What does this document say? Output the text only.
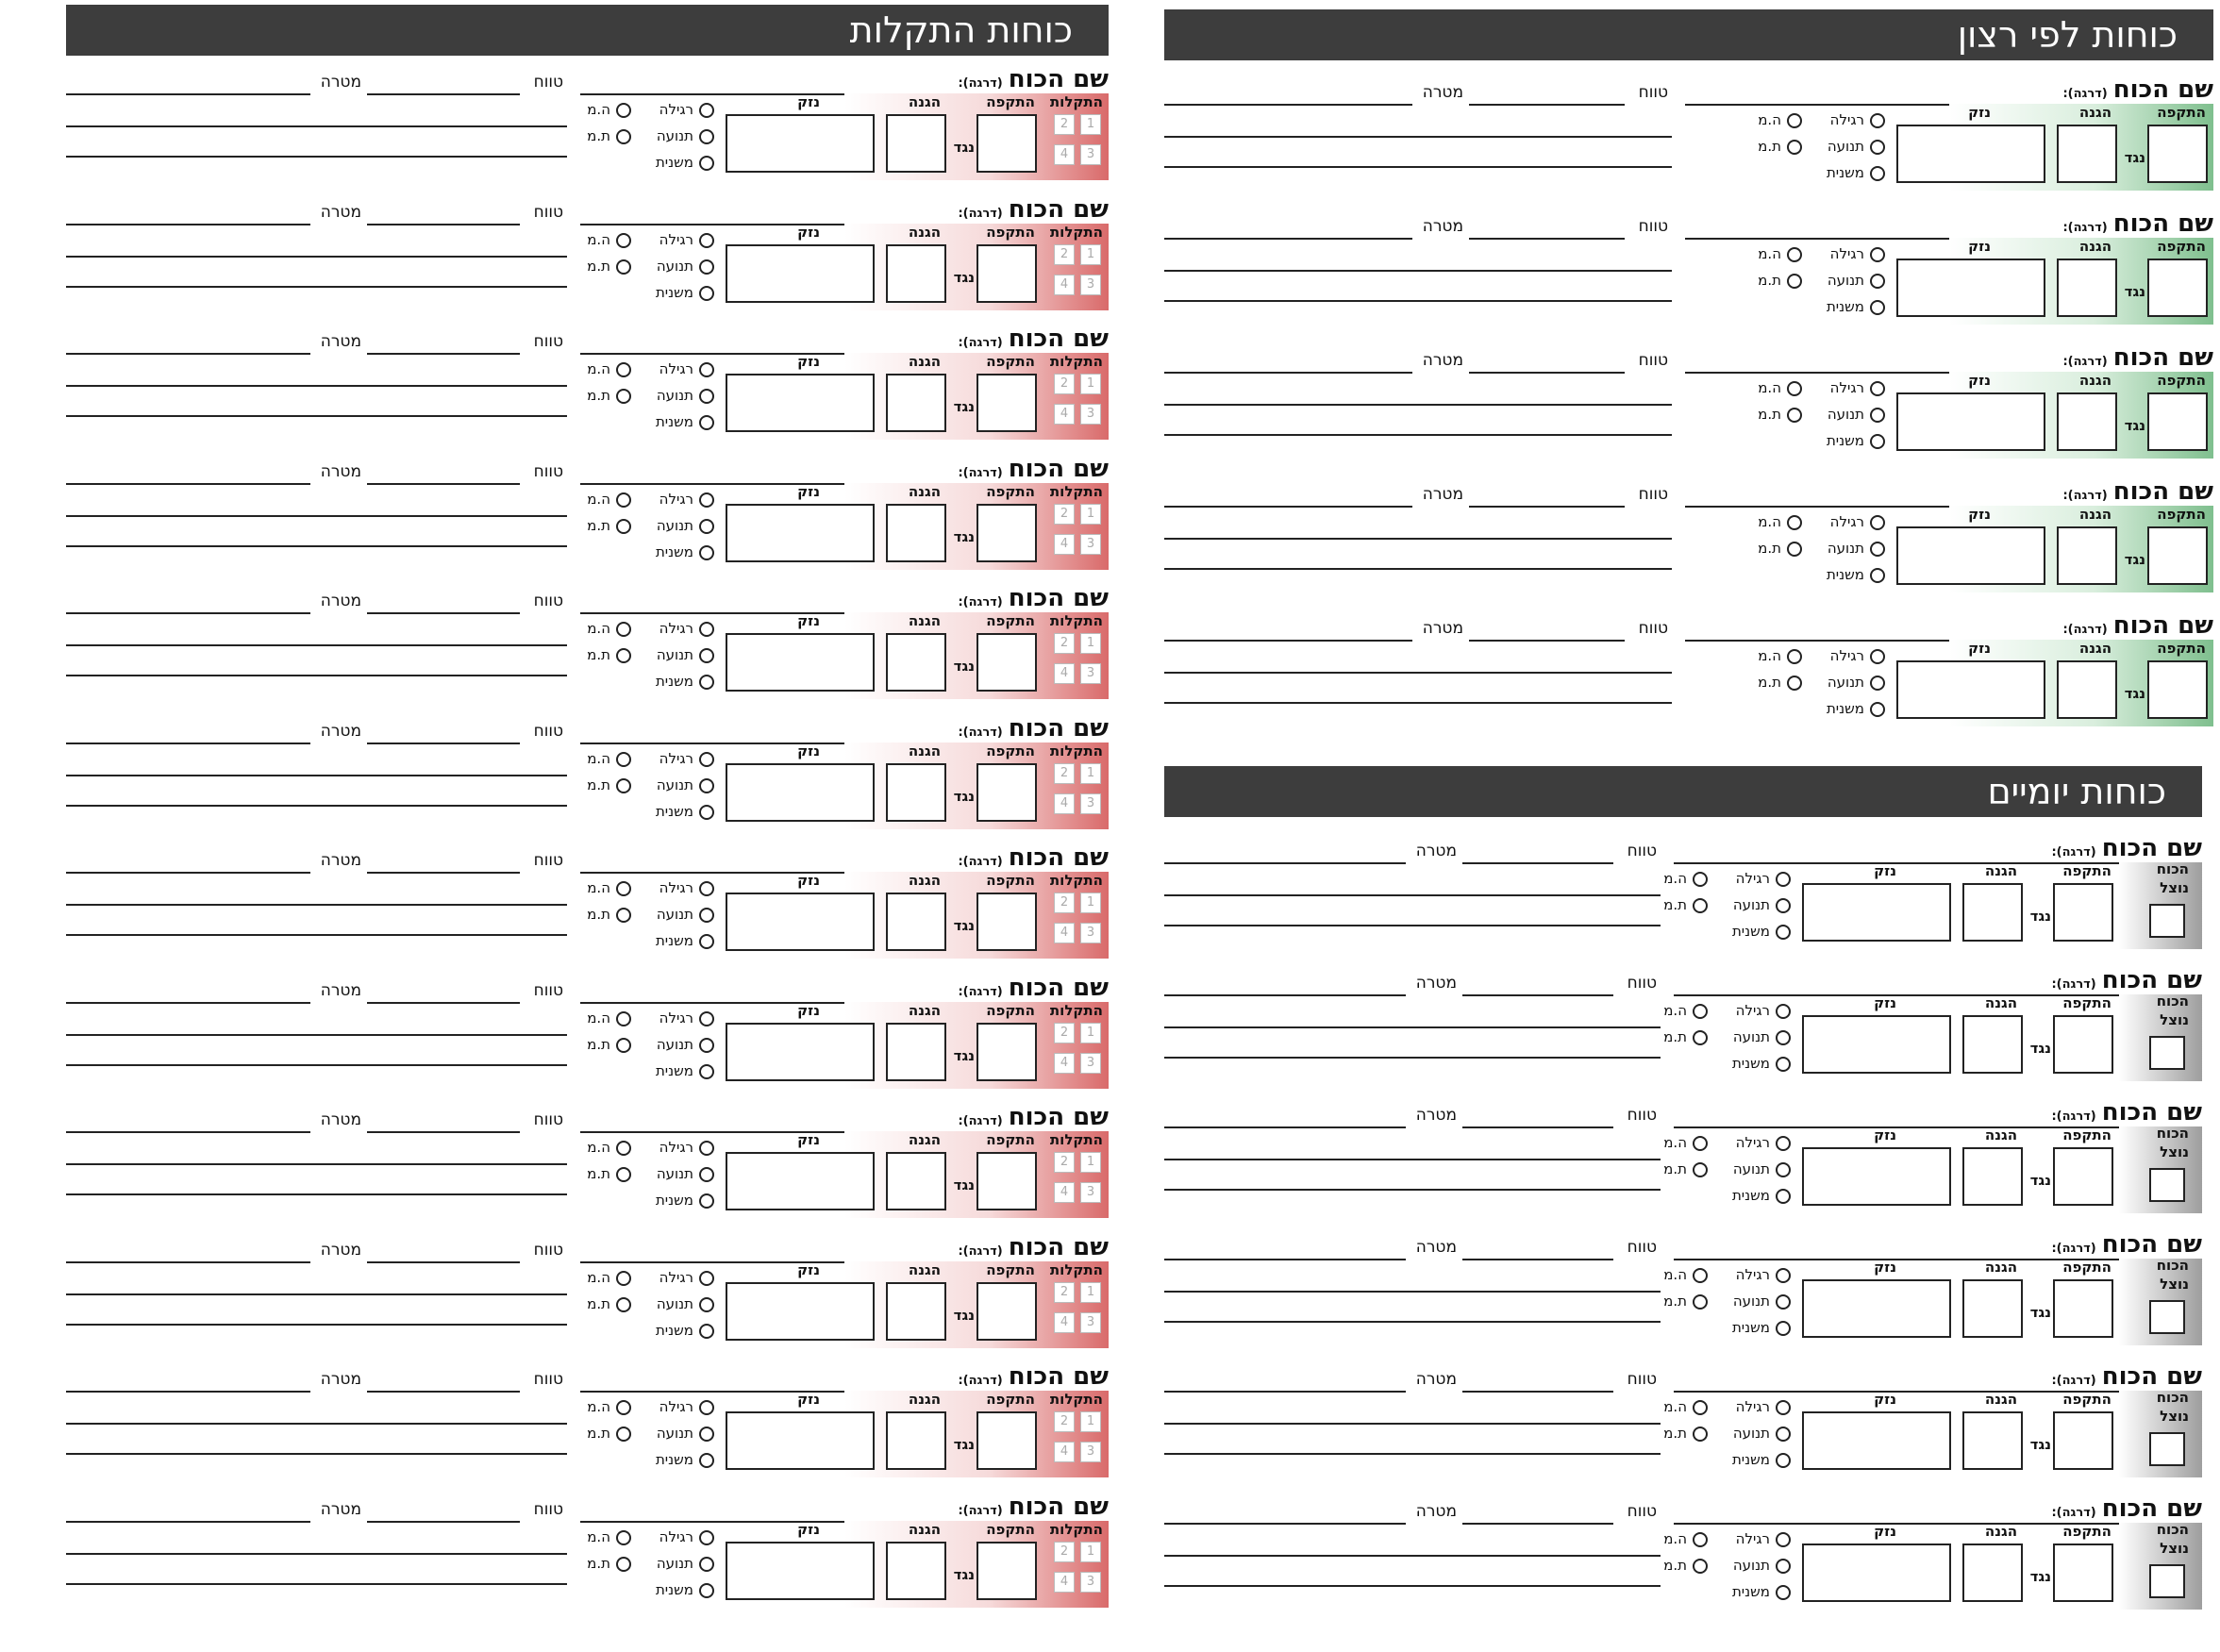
כוחות התקלות
שם הכוח(דרגה):
התקלות
1
2
3
4
התקפה
נגד
הגנה
נזק
רגילה
תנועה
משנית
ה.מ
ת.מ
טווח
מטרה
שם הכוח(דרגה):
התקלות
1
2
3
4
התקפה
נגד
הגנה
נזק
רגילה
תנועה
משנית
ה.מ
ת.מ
טווח
מטרה
שם הכוח(דרגה):
התקלות
1
2
3
4
התקפה
נגד
הגנה
נזק
רגילה
תנועה
משנית
ה.מ
ת.מ
טווח
מטרה
שם הכוח(דרגה):
התקלות
1
2
3
4
התקפה
נגד
הגנה
נזק
רגילה
תנועה
משנית
ה.מ
ת.מ
טווח
מטרה
שם הכוח(דרגה):
התקלות
1
2
3
4
התקפה
נגד
הגנה
נזק
רגילה
תנועה
משנית
ה.מ
ת.מ
טווח
מטרה
שם הכוח(דרגה):
התקלות
1
2
3
4
התקפה
נגד
הגנה
נזק
רגילה
תנועה
משנית
ה.מ
ת.מ
טווח
מטרה
שם הכוח(דרגה):
התקלות
1
2
3
4
התקפה
נגד
הגנה
נזק
רגילה
תנועה
משנית
ה.מ
ת.מ
טווח
מטרה
שם הכוח(דרגה):
התקלות
1
2
3
4
התקפה
נגד
הגנה
נזק
רגילה
תנועה
משנית
ה.מ
ת.מ
טווח
מטרה
שם הכוח(דרגה):
התקלות
1
2
3
4
התקפה
נגד
הגנה
נזק
רגילה
תנועה
משנית
ה.מ
ת.מ
טווח
מטרה
שם הכוח(דרגה):
התקלות
1
2
3
4
התקפה
נגד
הגנה
נזק
רגילה
תנועה
משנית
ה.מ
ת.מ
טווח
מטרה
שם הכוח(דרגה):
התקלות
1
2
3
4
התקפה
נגד
הגנה
נזק
רגילה
תנועה
משנית
ה.מ
ת.מ
טווח
מטרה
שם הכוח(דרגה):
התקלות
1
2
3
4
התקפה
נגד
הגנה
נזק
רגילה
תנועה
משנית
ה.מ
ת.מ
טווח
מטרה
כוחות לפי רצון
שם הכוח(דרגה):
התקפה
נגד
הגנה
נזק
רגילה
תנועה
משנית
ה.מ
ת.מ
טווח
מטרה
שם הכוח(דרגה):
התקפה
נגד
הגנה
נזק
רגילה
תנועה
משנית
ה.מ
ת.מ
טווח
מטרה
שם הכוח(דרגה):
התקפה
נגד
הגנה
נזק
רגילה
תנועה
משנית
ה.מ
ת.מ
טווח
מטרה
שם הכוח(דרגה):
התקפה
נגד
הגנה
נזק
רגילה
תנועה
משנית
ה.מ
ת.מ
טווח
מטרה
שם הכוח(דרגה):
התקפה
נגד
הגנה
נזק
רגילה
תנועה
משנית
ה.מ
ת.מ
טווח
מטרה
כוחות יומיים
שם הכוח(דרגה):
הכוח
נוצל
התקפה
נגד
הגנה
נזק
רגילה
תנועה
משנית
ה.מ
ת.מ
טווח
מטרה
שם הכוח(דרגה):
הכוח
נוצל
התקפה
נגד
הגנה
נזק
רגילה
תנועה
משנית
ה.מ
ת.מ
טווח
מטרה
שם הכוח(דרגה):
הכוח
נוצל
התקפה
נגד
הגנה
נזק
רגילה
תנועה
משנית
ה.מ
ת.מ
טווח
מטרה
שם הכוח(דרגה):
הכוח
נוצל
התקפה
נגד
הגנה
נזק
רגילה
תנועה
משנית
ה.מ
ת.מ
טווח
מטרה
שם הכוח(דרגה):
הכוח
נוצל
התקפה
נגד
הגנה
נזק
רגילה
תנועה
משנית
ה.מ
ת.מ
טווח
מטרה
שם הכוח(דרגה):
הכוח
נוצל
התקפה
נגד
הגנה
נזק
רגילה
תנועה
משנית
ה.מ
ת.מ
טווח
מטרה
